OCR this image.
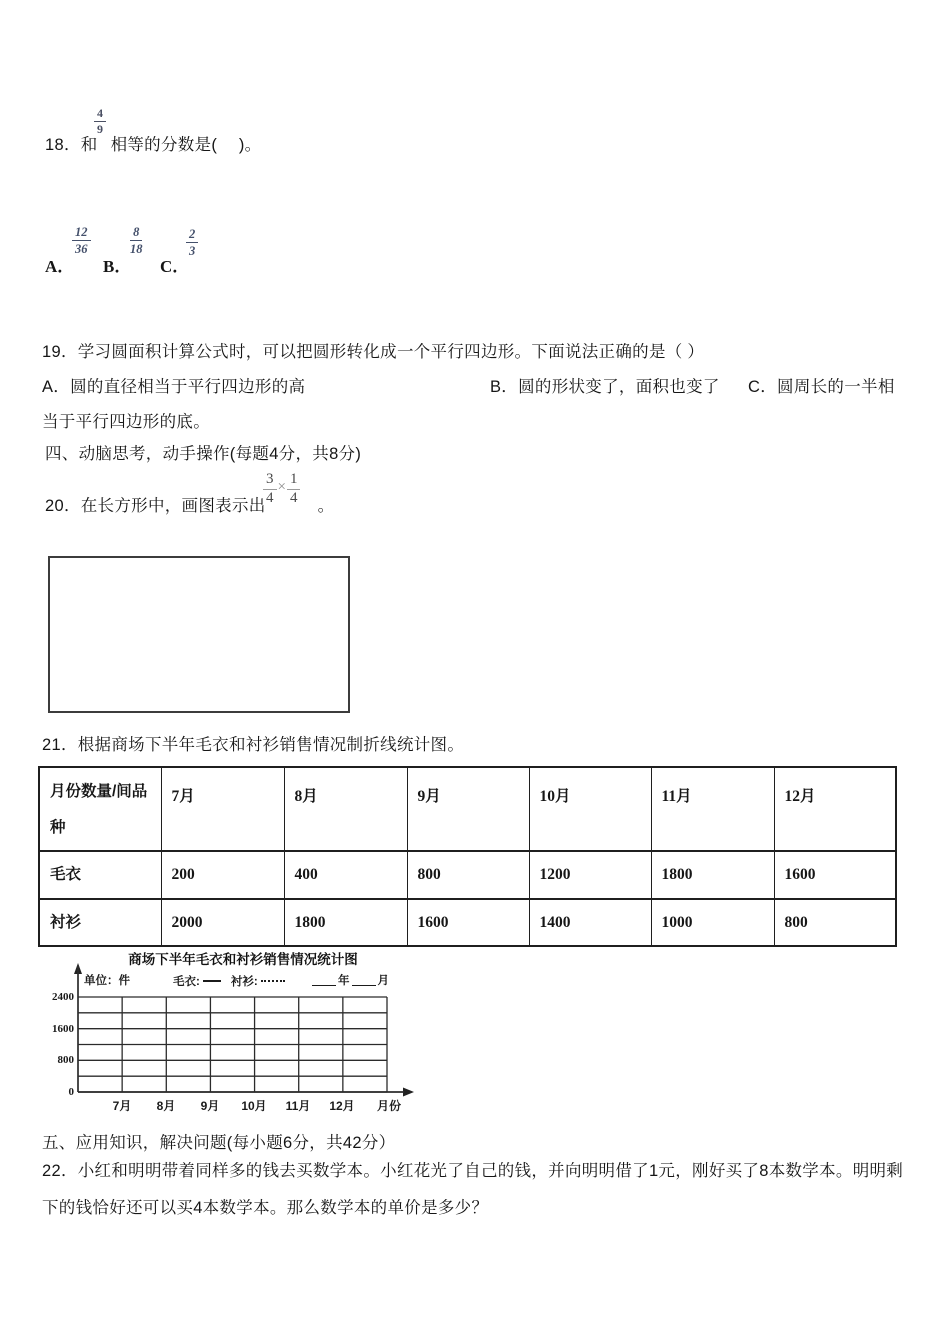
$\frac{4}{9}$
18．和 相等的分数是(　 )。
A．
$\frac{12}{36}$
B．
$\frac{8}{18}$
C．
$\frac{2}{3}$
19．学习圆面积计算公式时，可以把圆形转化成一个平行四边形。下面说法正确的是（ ）
A．圆的直径相当于平行四边形的高	B．圆的形状变了，面积也变了 C．圆周长的一半相
当于平行四边形的底。
四、动脑思考，动手操作(每题4分，共8分)
20．在长方形中，画图表示出	。
$\frac{3}{4} \times \frac{1}{4}$
21．根据商场下半年毛衣和衬衫销售情况制折线统计图。
月份数量/间品种	7月	8月	9月	10月	11月	12月
毛衣	200	400	800	1200	1800	1600
衬衫	2000	1800	1600	1400	1000	800
商场下半年毛衣和衬衫销售情况统计图
单位：件	毛衣:	衬衫:	年 月
2400
1600
800
0
7月 8月 9月 10月 11月 12月 月份
五、应用知识，解决问题(每小题6分，共42分）
22．小红和明明带着同样多的钱去买数学本。小红花光了自己的钱，并向明明借了1元，刚好买了8本数学本。明明剩
下的钱恰好还可以买4本数学本。那么数学本的单价是多少？
